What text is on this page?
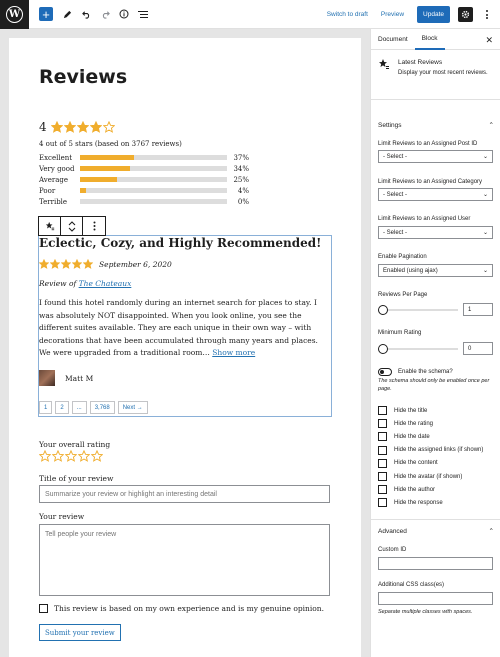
W +	Switch to draft Preview	Update
Reviews
4
4 out of 5 stars (based on 3767 reviews)
Excellent	37%
Very good	34%
Average	25%
Poor	4%
Terrible	0%
Eclectic, Cozy, and Highly Recommended!
September 6, 2020
Review of The Chateaux
I found this hotel randomly during an internet search for places to stay. I was absolutely NOT disappointed. When you look online, you see the different suites available. They are each unique in their own way – with decorations that have been accumulated through many years and places. We were upgraded from a traditional room… Show more
Matt M
1	2	...	3,768	Next →
Your overall rating
Title of your review
Summarize your review or highlight an interesting detail
Your review
Tell people your review
This review is based on my own experience and is my genuine opinion.
Submit your review
Document	Block	✕
Latest Reviews
Display your most recent reviews.
Settings	⌃
Limit Reviews to an Assigned Post ID
- Select -	⌄
Limit Reviews to an Assigned Category
- Select -	⌄
Limit Reviews to an Assigned User
- Select -	⌄
Enable Pagination
Enabled (using ajax)	⌄
Reviews Per Page
1
Minimum Rating
0
Enable the schema?
The schema should only be enabled once per page.
Hide the title
Hide the rating
Hide the date
Hide the assigned links (if shown)
Hide the content
Hide the avatar (if shown)
Hide the author
Hide the response
Advanced	⌃
Custom ID
Additional CSS class(es)
Separate multiple classes with spaces.
